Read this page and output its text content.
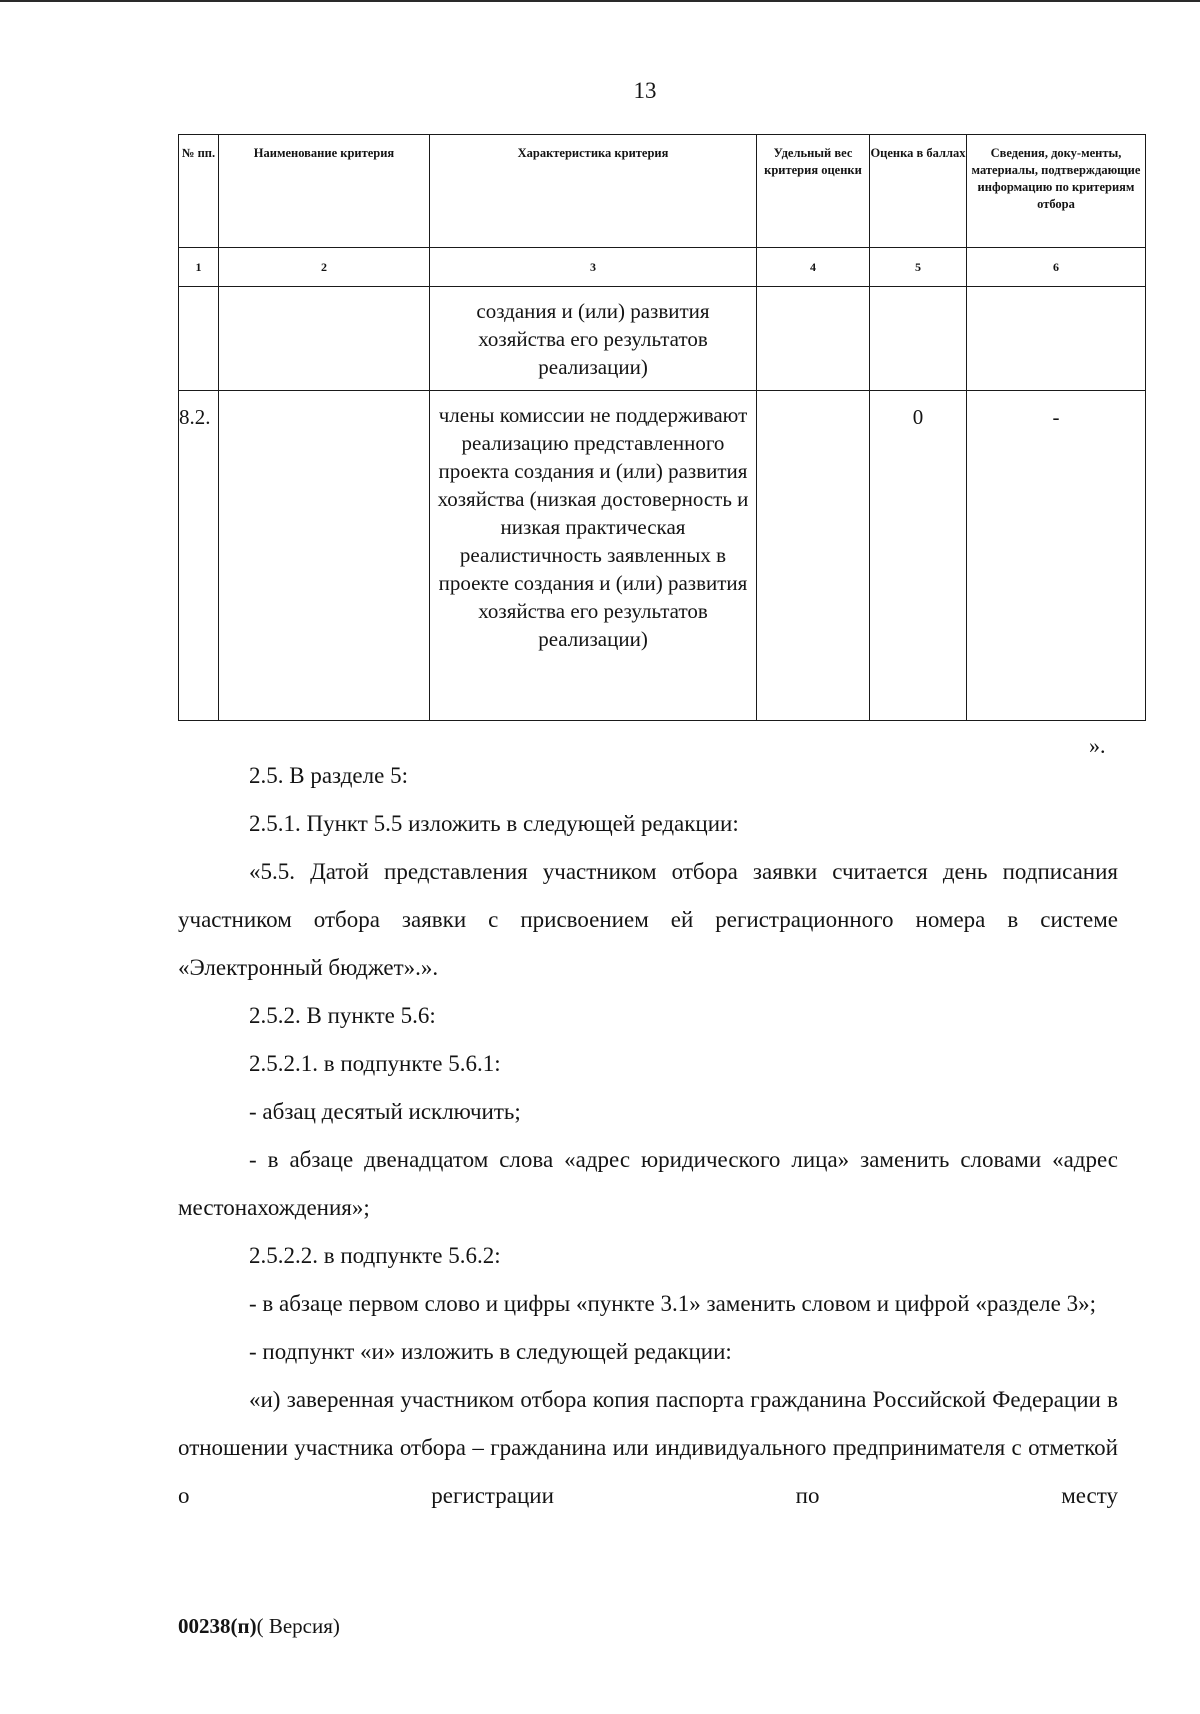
13
№ пп.	Наименование критерия	Характеристика критерия	Удельный вес критерия оценки	Оценка в баллах	Сведения, доку-менты, материалы, подтверждающие информацию по критериям отбора
1	2	3	4	5	6
		создания и (или) развития хозяйства его результатов реализации)			
8.2.		члены комиссии не поддерживают реализацию представленного проекта создания и (или) развития хозяйства (низкая достоверность и низкая практическая реалистичность заявленных в проекте создания и (или) развития хозяйства его результатов реализации)		0	-
».

2.5. В разделе 5:

2.5.1. Пункт 5.5 изложить в следующей редакции:

«5.5. Датой представления участником отбора заявки считается день подписания участником отбора заявки с присвоением ей регистрационного номера в системе «Электронный бюджет».».

2.5.2. В пункте 5.6:

2.5.2.1. в подпункте 5.6.1:

- абзац десятый исключить;

- в абзаце двенадцатом слова «адрес юридического лица» заменить словами «адрес местонахождения»;

2.5.2.2. в подпункте 5.6.2:

- в абзаце первом слово и цифры «пункте 3.1» заменить словом и цифрой «разделе 3»;

- подпункт «и» изложить в следующей редакции:

«и) заверенная участником отбора копия паспорта гражданина Российской Федерации в отношении участника отбора – гражданина или индивидуального предпринимателя с отметкой о регистрации по месту

00238(п)( Версия)
